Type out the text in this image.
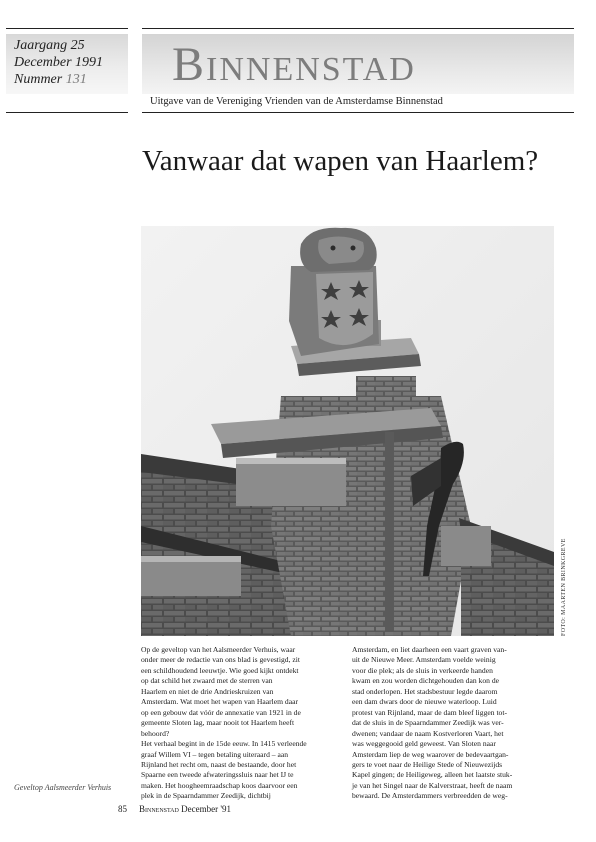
Jaargang 25
December 1991
Nummer 131 Binnenstad
Uitgave van de Vereniging Vrienden van de Amsterdamse Binnenstad
Vanwaar dat wapen van Haarlem?
FOTO: MAARTEN BRINKGREVE
Op de geveltop van het Aalsmeerder Verhuis, waar
onder meer de redactie van ons blad is gevestigd, zit
een schildhoudend leeuwtje. Wie goed kijkt ontdekt
op dat schild het zwaard met de sterren van
Haarlem en niet de drie Andrieskruizen van
Amsterdam. Wat moet het wapen van Haarlem daar
op een gebouw dat vóór de annexatie van 1921 in de
gemeente Sloten lag, maar nooit tot Haarlem heeft
behoord?
Het verhaal begint in de 15de eeuw. In 1415 verleende
graaf Willem VI – tegen betaling uiteraard – aan
Rijnland het recht om, naast de bestaande, door het
Spaarne een tweede afwateringssluis naar het IJ te
maken. Het hoogheemraadschap koos daarvoor een
plek in de Spaarndammer Zeedijk, dichtbij
Amsterdam, en liet daarheen een vaart graven van-
uit de Nieuwe Meer. Amsterdam voelde weinig
voor die plek; als de sluis in verkeerde handen
kwam en zou worden dichtgehouden dan kon de
stad onderlopen. Het stadsbestuur legde daarom
een dam dwars door de nieuwe waterloop. Luid
protest van Rijnland, maar de dam bleef liggen tot-
dat de sluis in de Spaarndammer Zeedijk was ver-
dwenen; vandaar de naam Kostverloren Vaart, het
was weggegooid geld geweest. Van Sloten naar
Amsterdam liep de weg waarover de bedevaartgan-
gers te voet naar de Heilige Stede of Nieuwezijds
Kapel gingen; de Heiligeweg, alleen het laatste stuk-
je van het Singel naar de Kalverstraat, heeft de naam
bewaard. De Amsterdammers verbreedden de weg-
Geveltop Aalsmeerder Verhuis
85 Binnenstad December '91
